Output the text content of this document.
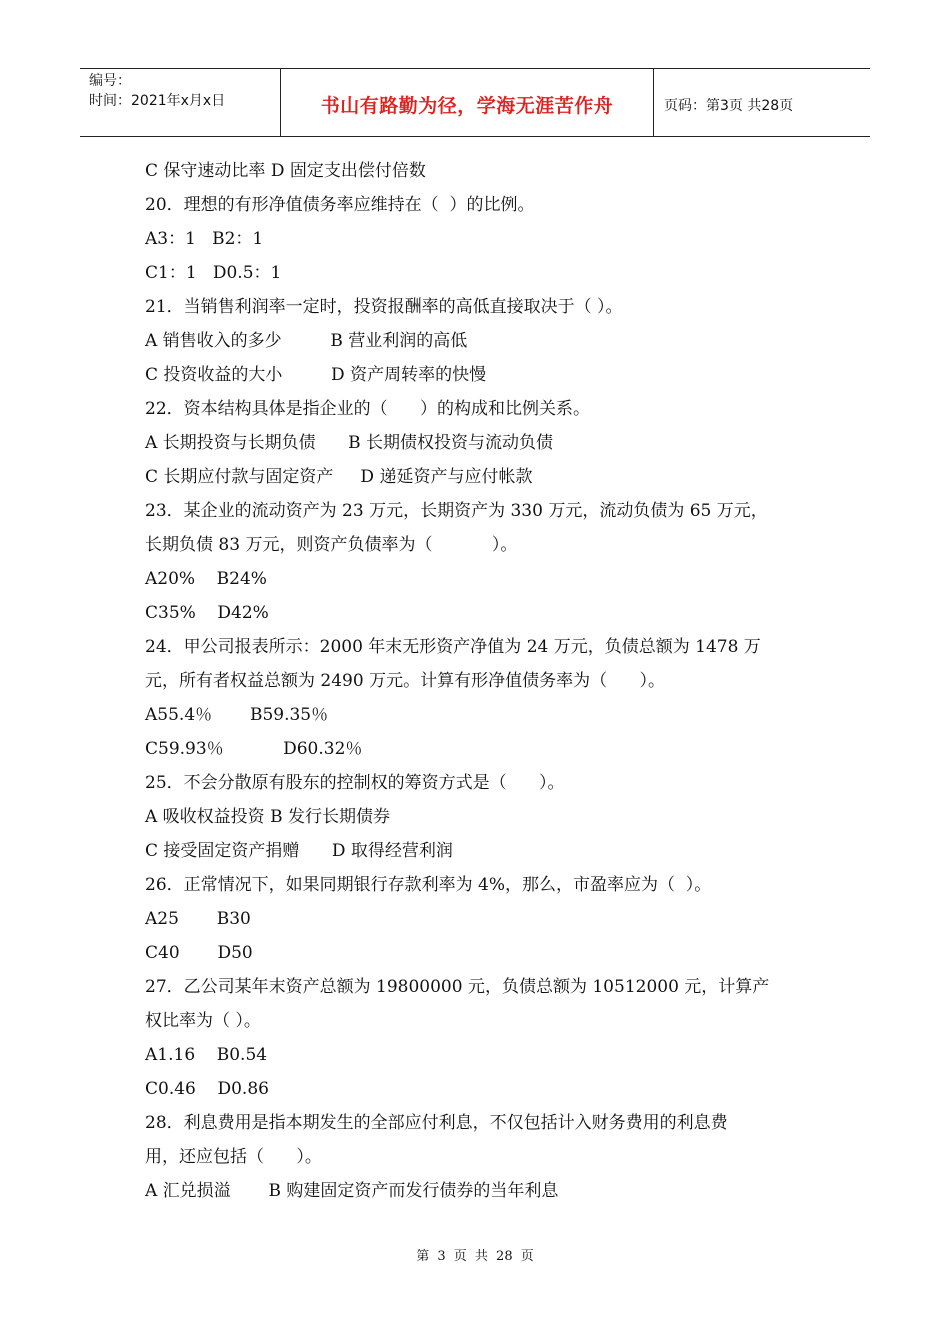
编号：
时间：2021年x月x日	书山有路勤为径，学海无涯苦作舟	页码：第3页 共28页

C 保守速动比率 D 固定支出偿付倍数

20．理想的有形净值债务率应维持在（  ）的比例。

A3：1   B2：1

C1：1   D0.5：1

21．当销售利润率一定时，投资报酬率的高低直接取决于（ ）。

A 销售收入的多少         B 营业利润的高低

C 投资收益的大小         D 资产周转率的快慢

22．资本结构具体是指企业的（      ）的构成和比例关系。

A 长期投资与长期负债      B 长期债权投资与流动负债

C 长期应付款与固定资产     D 递延资产与应付帐款

23．某企业的流动资产为 23 万元，长期资产为 330 万元，流动负债为 65 万元，

长期负债 83 万元，则资产负债率为（           ）。

A20%    B24%

C35%    D42%

24．甲公司报表所示：2000 年末无形资产净值为 24 万元，负债总额为 1478 万

元，所有者权益总额为 2490 万元。计算有形净值债务率为（      ）。

A55.4％       B59.35％

C59.93％           D60.32％

25．不会分散原有股东的控制权的筹资方式是（      ）。

A 吸收权益投资 B 发行长期债券

C 接受固定资产捐赠      D 取得经营利润

26．正常情况下，如果同期银行存款利率为 4%，那么，市盈率应为（  ）。

A25       B30

C40       D50

27．乙公司某年末资产总额为 19800000 元，负债总额为 10512000 元，计算产

权比率为（ ）。

A1.16    B0.54

C0.46    D0.86

28．利息费用是指本期发生的全部应付利息，不仅包括计入财务费用的利息费

用，还应包括（      ）。

A 汇兑损溢       B 购建固定资产而发行债券的当年利息

第 3 页 共 28 页
